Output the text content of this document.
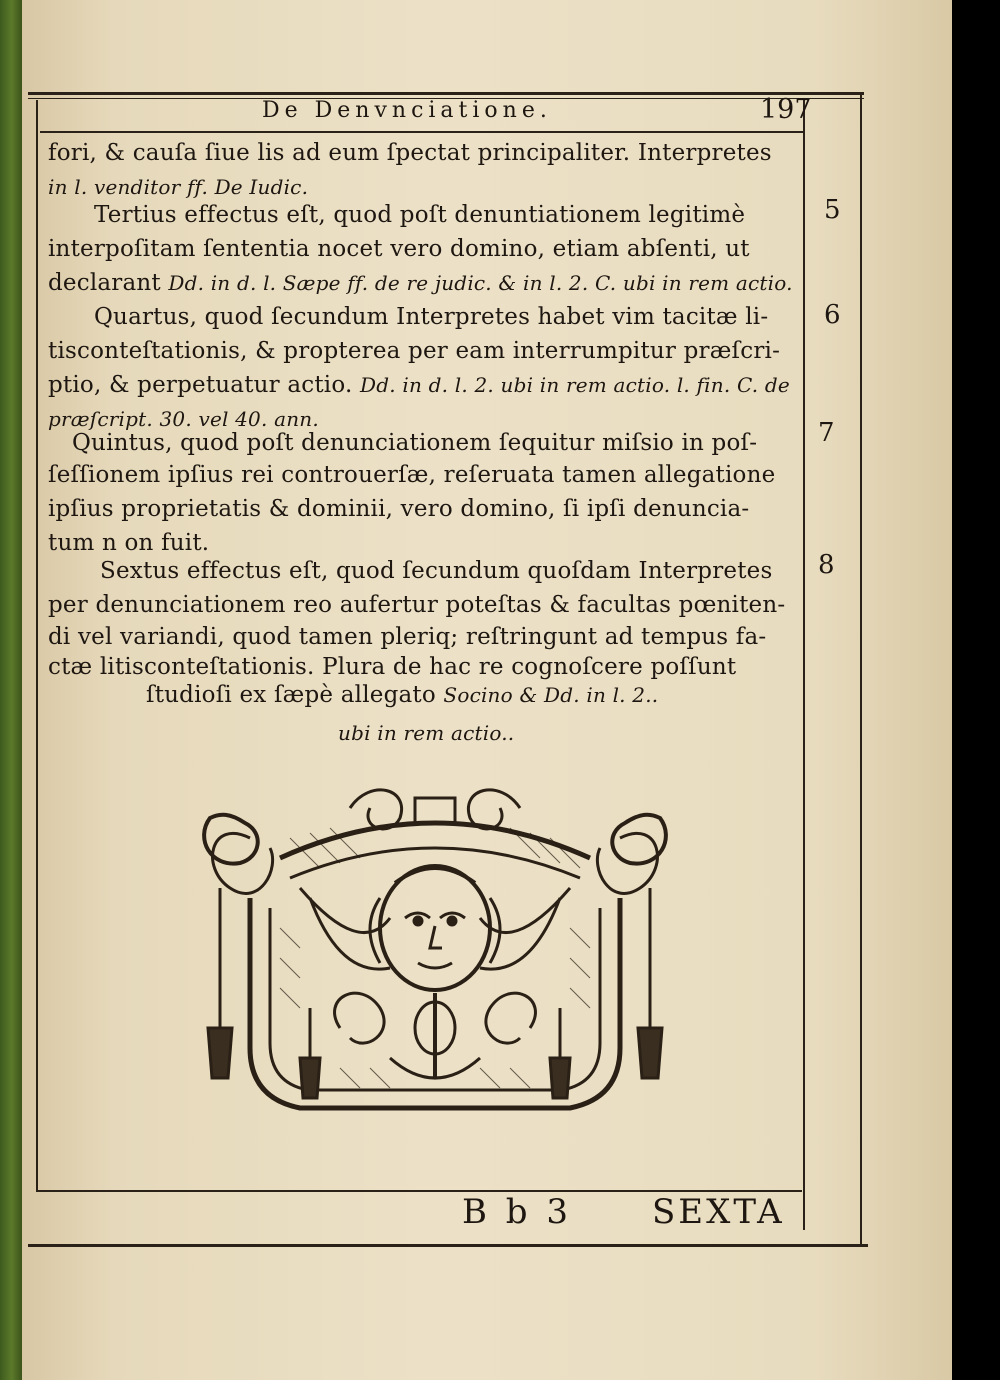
De Denvnciatione.	197
fori, & cauſa ſiue lis ad eum ſpectat principaliter. Interpretes
in l. venditor ff. De Iudic.
Tertius effectus eſt, quod poſt denuntiationem legitimè
interpoſitam ſententia nocet vero domino, etiam abſenti, ut
declarant Dd. in d. l. Sæpe ff. de re judic. & in l. 2. C. ubi in rem actio.
Quartus, quod ſecundum Interpretes habet vim tacitæ li-
tisconteſtationis, & propterea per eam interrumpitur præſcri-
ptio, & perpetuatur actio. Dd. in d. l. 2. ubi in rem actio. l. fin. C. de
præſcript. 30. vel 40. ann.
Quintus, quod poſt denunciationem ſequitur miſsio in poſ-
ſeſſionem ipſius rei controuerſæ, reſeruata tamen allegatione
ipſius proprietatis & dominii, vero domino, ſi ipſi denuncia-
tum n on fuit.
Sextus effectus eſt, quod ſecundum quoſdam Interpretes
per denunciationem reo aufertur poteſtas & facultas pœniten-
di vel variandi, quod tamen pleriq; reſtringunt ad tempus fa-
ctæ litisconteſtationis. Plura de hac re cognoſcere poſſunt
ſtudioſi ex ſæpè allegato Socino & Dd. in l. 2..
ubi in rem actio..
5
6
7
8
B b 3 SEXTA
